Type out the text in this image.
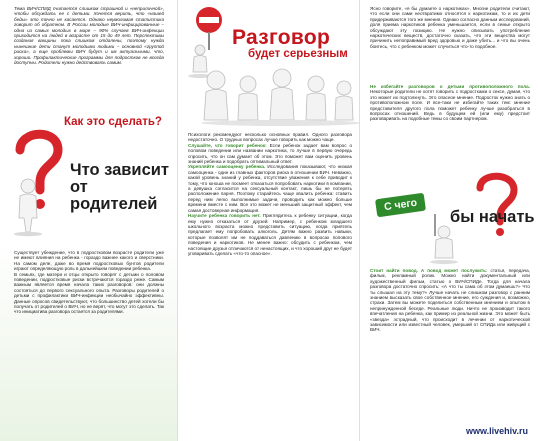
Тема ВИЧ/СПИД считается слишком страшной и «неприличной», чтобы обсуждать ее с детьми. Хочется верить, что «нашей беды» это точно не касается. Однако неумолимая статистика говорит об обратном. В России молодые ВИЧ-инфицированные – одна из самых молодых в мире – 90% случаев ВИЧ-инфекции приходится на людей в возрасте от 15 до 49 лет. Перспективы создания вакцины пока слишком отдалены, поэтому нужда нынешние дети станут молодыми людьми – основной «группой риска», а еще проблемы ВИЧ будут и им актуальными, что, хорошо. Профилактические программы для подростков не всегда доступны. Родители нужно действовать самим.

Как это сделать?
Что зависит от родителей

Существует убеждение, что в подростковом возрасте родители уже не имеют влияния на ребенка - гораздо важнее какого и сверстники. На самом деле, даже во время подростковых бунтов родители играют определяющую роль в дальнейшем поведении ребенка.

В семьях, где матери и отцы открыто говорят с детьми о половом поведении, подростковые риски встречаются гораздо реже. Самым важным является время начала таких разговоров: они должны состояться до первого сексуального опыта. Разговоры родителей о детьми с профилактики ВИЧ-инфекции необычайно эффективны. Данные опросов свидетельствуют, что большинство детей хотели бы получать от родителей о ВИЧ, но не верят, что могут это сделать. Так что инициатива разговора остается за родителями.

Разговор
будет серьезным

Психологи рекомендуют несколько основных правил. Одного разговора недостаточно. О трудных вопросах лучше говорить как можно чаще.

Слушайте, что говорит ребенок: Если ребенок задает вам вопрос о половом поведении или названии наркотика, то лучше в первую очередь спросить, что он сам думает об этом. Это поможет вам оценить уровень знаний ребенка и подобрать оптимальный ответ.

Укрепляйте самооценку ребенка. Исследования показывают, что низкая самооценка - один из главных факторов риска в отношении ВИЧ. Неважно, какой уровень знаний у ребенка, отсутствие уважения к себе приводит к тому, что юноша не посмеет отказаться попробовать наркотики в компании, а девушка согласится на сексуальный контакт, лишь бы не потерять расположение парня. Поэтому старайтесь чаще хвалить ребенка: ставить перед ним легко выполнимые задачи, проводить как можно больше времени вместе с ним. Все это может не меньший защитный эффект, чем самая достоверная информация.

Научите ребенка говорить нет. Приглядитесь к ребенку ситуации, когда ему нужно отказаться от друзей. Например, с ребенком младшего школьного возраста можно представить ситуацию, когда приятель предлагает ему попробовать алкоголь. Детям важно развить навыки, которые позволят им не поддаваться давлению в вопросах полового поведения и наркотиков. Не менее важно: обсудить с ребенком, чем настоящие друзья отличаются от ненастоящих, и что хороший друг не будет уговаривать сделать «что-то опасное».

Ясно говорите, «я бы думаете о наркотиках». Многие родители считают, что если они сами неотвратимо относятся к наркотикам, то и их дети придерживаются того же мнения. Однако согласно данным исследований, доля приема наркотиков ребенка уменьшается, если в семье открыто обсуждают эту позицию. Не нужно описывать употребление наркотических веществ, достаточно сказать, что эти вещества могут причинить непоправимый вред здоровью и даже убить... и что вы очень боитесь, что с ребенком может случиться что-то подобное.

Не избегайте разговоров о детьми противоположного пола. Некоторые родители не хотят говорить с подростками о сексе, думая, что это может их подтолкнуть. Это опасное мнение. Подросток нужно знать о противоположном поле. И все-таки не избегайте таких тем: мнение представителя другого пола поможет ребенку лучше разобраться в вопросах отношений. Ведь в будущем ей (или ему) предстоит разговаривать на подобные темы со своим партнером.

С чего
бы начать

Стоит найти повод. А повод может послужить: статья, передача, фильм, рекламный ролик. Можно найти документальный или художественный фильм, статью о ВИЧ/СПИДе. Тогда для начала разговора достаточно спросить: «А что ты сама об этом думаешь?» Что ты слышал на эту тему?» Лучше начать не слишком разговор с ранним знанием высказать свое собственное мнение, его суждения и, возможно, страхи. Затем вы можете поделиться собственным мнением и опытом в непринужденной беседе. Реальные люди. Ничто не производит такого впечатления на ребенка, как пример из реальной жизни. Это может быть «звезда» эстрадный, что происходит в лечении от наркотической зависимости или известный человек, умерший от СПИДа или живущий с ВИЧ.

www.livehiv.ru
